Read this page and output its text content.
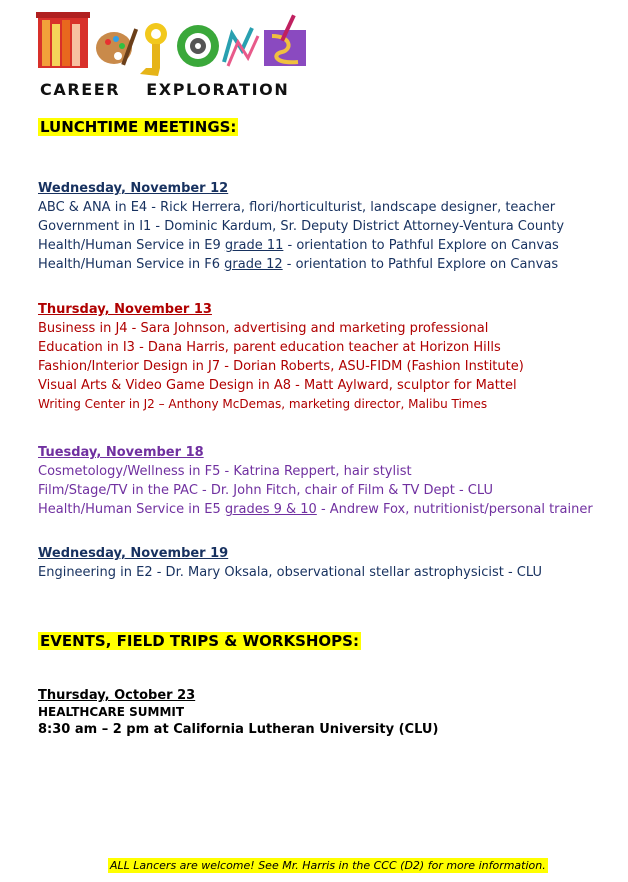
CAREER EXPLORATION
LUNCHTIME MEETINGS:

Wednesday, November 12

ABC & ANA in E4 - Rick Herrera, flori/horticulturist, landscape designer, teacher

Government in I1 - Dominic Kardum, Sr. Deputy District Attorney-Ventura County

Health/Human Service in E9 grade 11 - orientation to Pathful Explore on Canvas

Health/Human Service in F6 grade 12 - orientation to Pathful Explore on Canvas

Thursday, November 13

Business in J4 - Sara Johnson, advertising and marketing professional

Education in I3 - Dana Harris, parent education teacher at Horizon Hills

Fashion/Interior Design in J7 - Dorian Roberts, ASU-FIDM (Fashion Institute)

Visual Arts & Video Game Design in A8 - Matt Aylward, sculptor for Mattel

Writing Center in J2 – Anthony McDemas, marketing director, Malibu Times

Tuesday, November 18

Cosmetology/Wellness in F5 - Katrina Reppert, hair stylist

Film/Stage/TV in the PAC - Dr. John Fitch, chair of Film & TV Dept - CLU

Health/Human Service in E5 grades 9 & 10 - Andrew Fox, nutritionist/personal trainer

Wednesday, November 19

Engineering in E2 - Dr. Mary Oksala, observational stellar astrophysicist - CLU

EVENTS, FIELD TRIPS & WORKSHOPS:

Thursday, October 23

HEALTHCARE SUMMIT

8:30 am – 2 pm at California Lutheran University (CLU)

ALL Lancers are welcome! See Mr. Harris in the CCC (D2) for more information.
